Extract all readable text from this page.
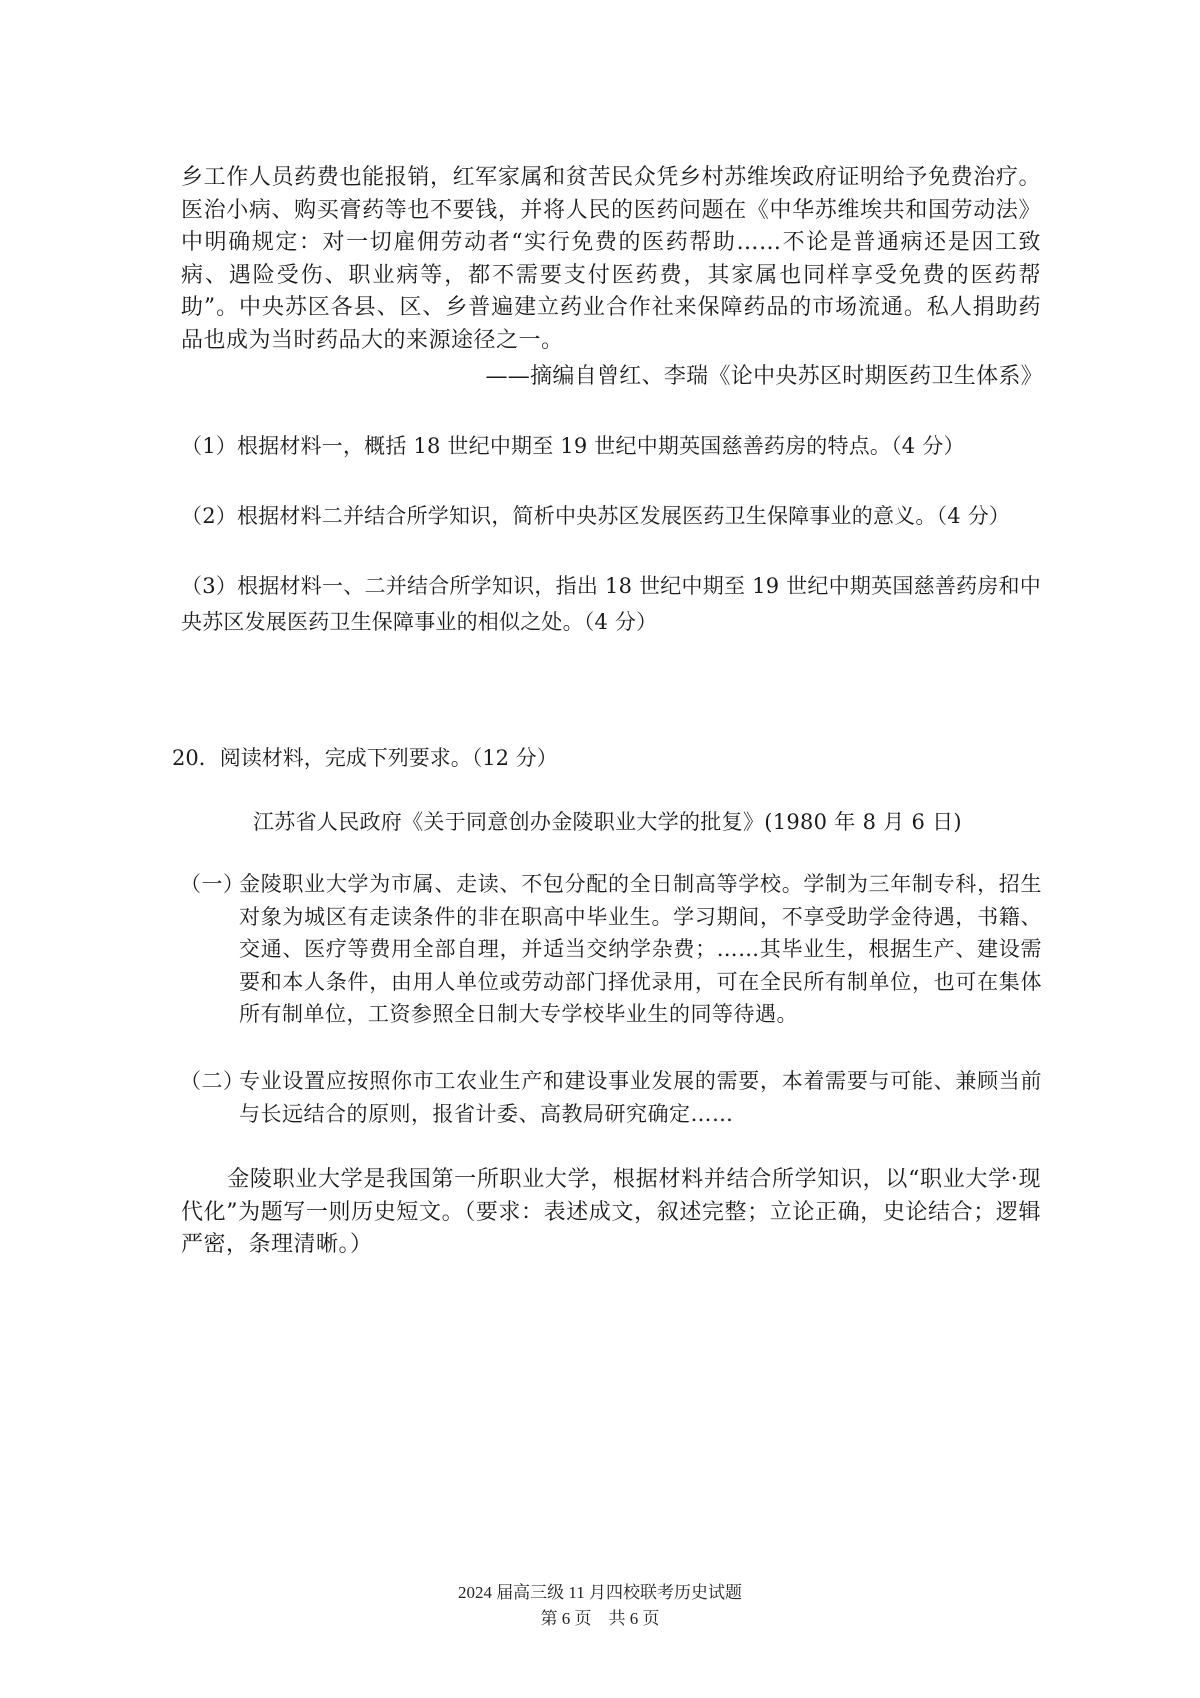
乡工作人员药费也能报销，红军家属和贫苦民众凭乡村苏维埃政府证明给予免费治疗。医治小病、购买膏药等也不要钱，并将人民的医药问题在《中华苏维埃共和国劳动法》中明确规定：对一切雇佣劳动者“实行免费的医药帮助……不论是普通病还是因工致病、遇险受伤、职业病等，都不需要支付医药费，其家属也同样享受免费的医药帮助”。中央苏区各县、区、乡普遍建立药业合作社来保障药品的市场流通。私人捐助药品也成为当时药品大的来源途径之一。

——摘编自曾红、李瑞《论中央苏区时期医药卫生体系》

（1）根据材料一，概括 18 世纪中期至 19 世纪中期英国慈善药房的特点。（4 分）

（2）根据材料二并结合所学知识，简析中央苏区发展医药卫生保障事业的意义。（4 分）

（3）根据材料一、二并结合所学知识，指出 18 世纪中期至 19 世纪中期英国慈善药房和中央苏区发展医药卫生保障事业的相似之处。（4 分）

20．阅读材料，完成下列要求。（12 分）
江苏省人民政府《关于同意创办金陵职业大学的批复》(1980 年 8 月 6 日)
（一）
金陵职业大学为市属、走读、不包分配的全日制高等学校。学制为三年制专科，招生对象为城区有走读条件的非在职高中毕业生。学习期间，不享受助学金待遇，书籍、交通、医疗等费用全部自理，并适当交纳学杂费；……其毕业生，根据生产、建设需要和本人条件，由用人单位或劳动部门择优录用，可在全民所有制单位，也可在集体所有制单位，工资参照全日制大专学校毕业生的同等待遇。
（二）
专业设置应按照你市工农业生产和建设事业发展的需要，本着需要与可能、兼顾当前与长远结合的原则，报省计委、高教局研究确定……

金陵职业大学是我国第一所职业大学，根据材料并结合所学知识，以“职业大学·现代化”为题写一则历史短文。（要求：表述成文，叙述完整；立论正确，史论结合；逻辑严密，条理清晰。）

2024 届高三级 11 月四校联考历史试题
第 6 页　共 6 页
